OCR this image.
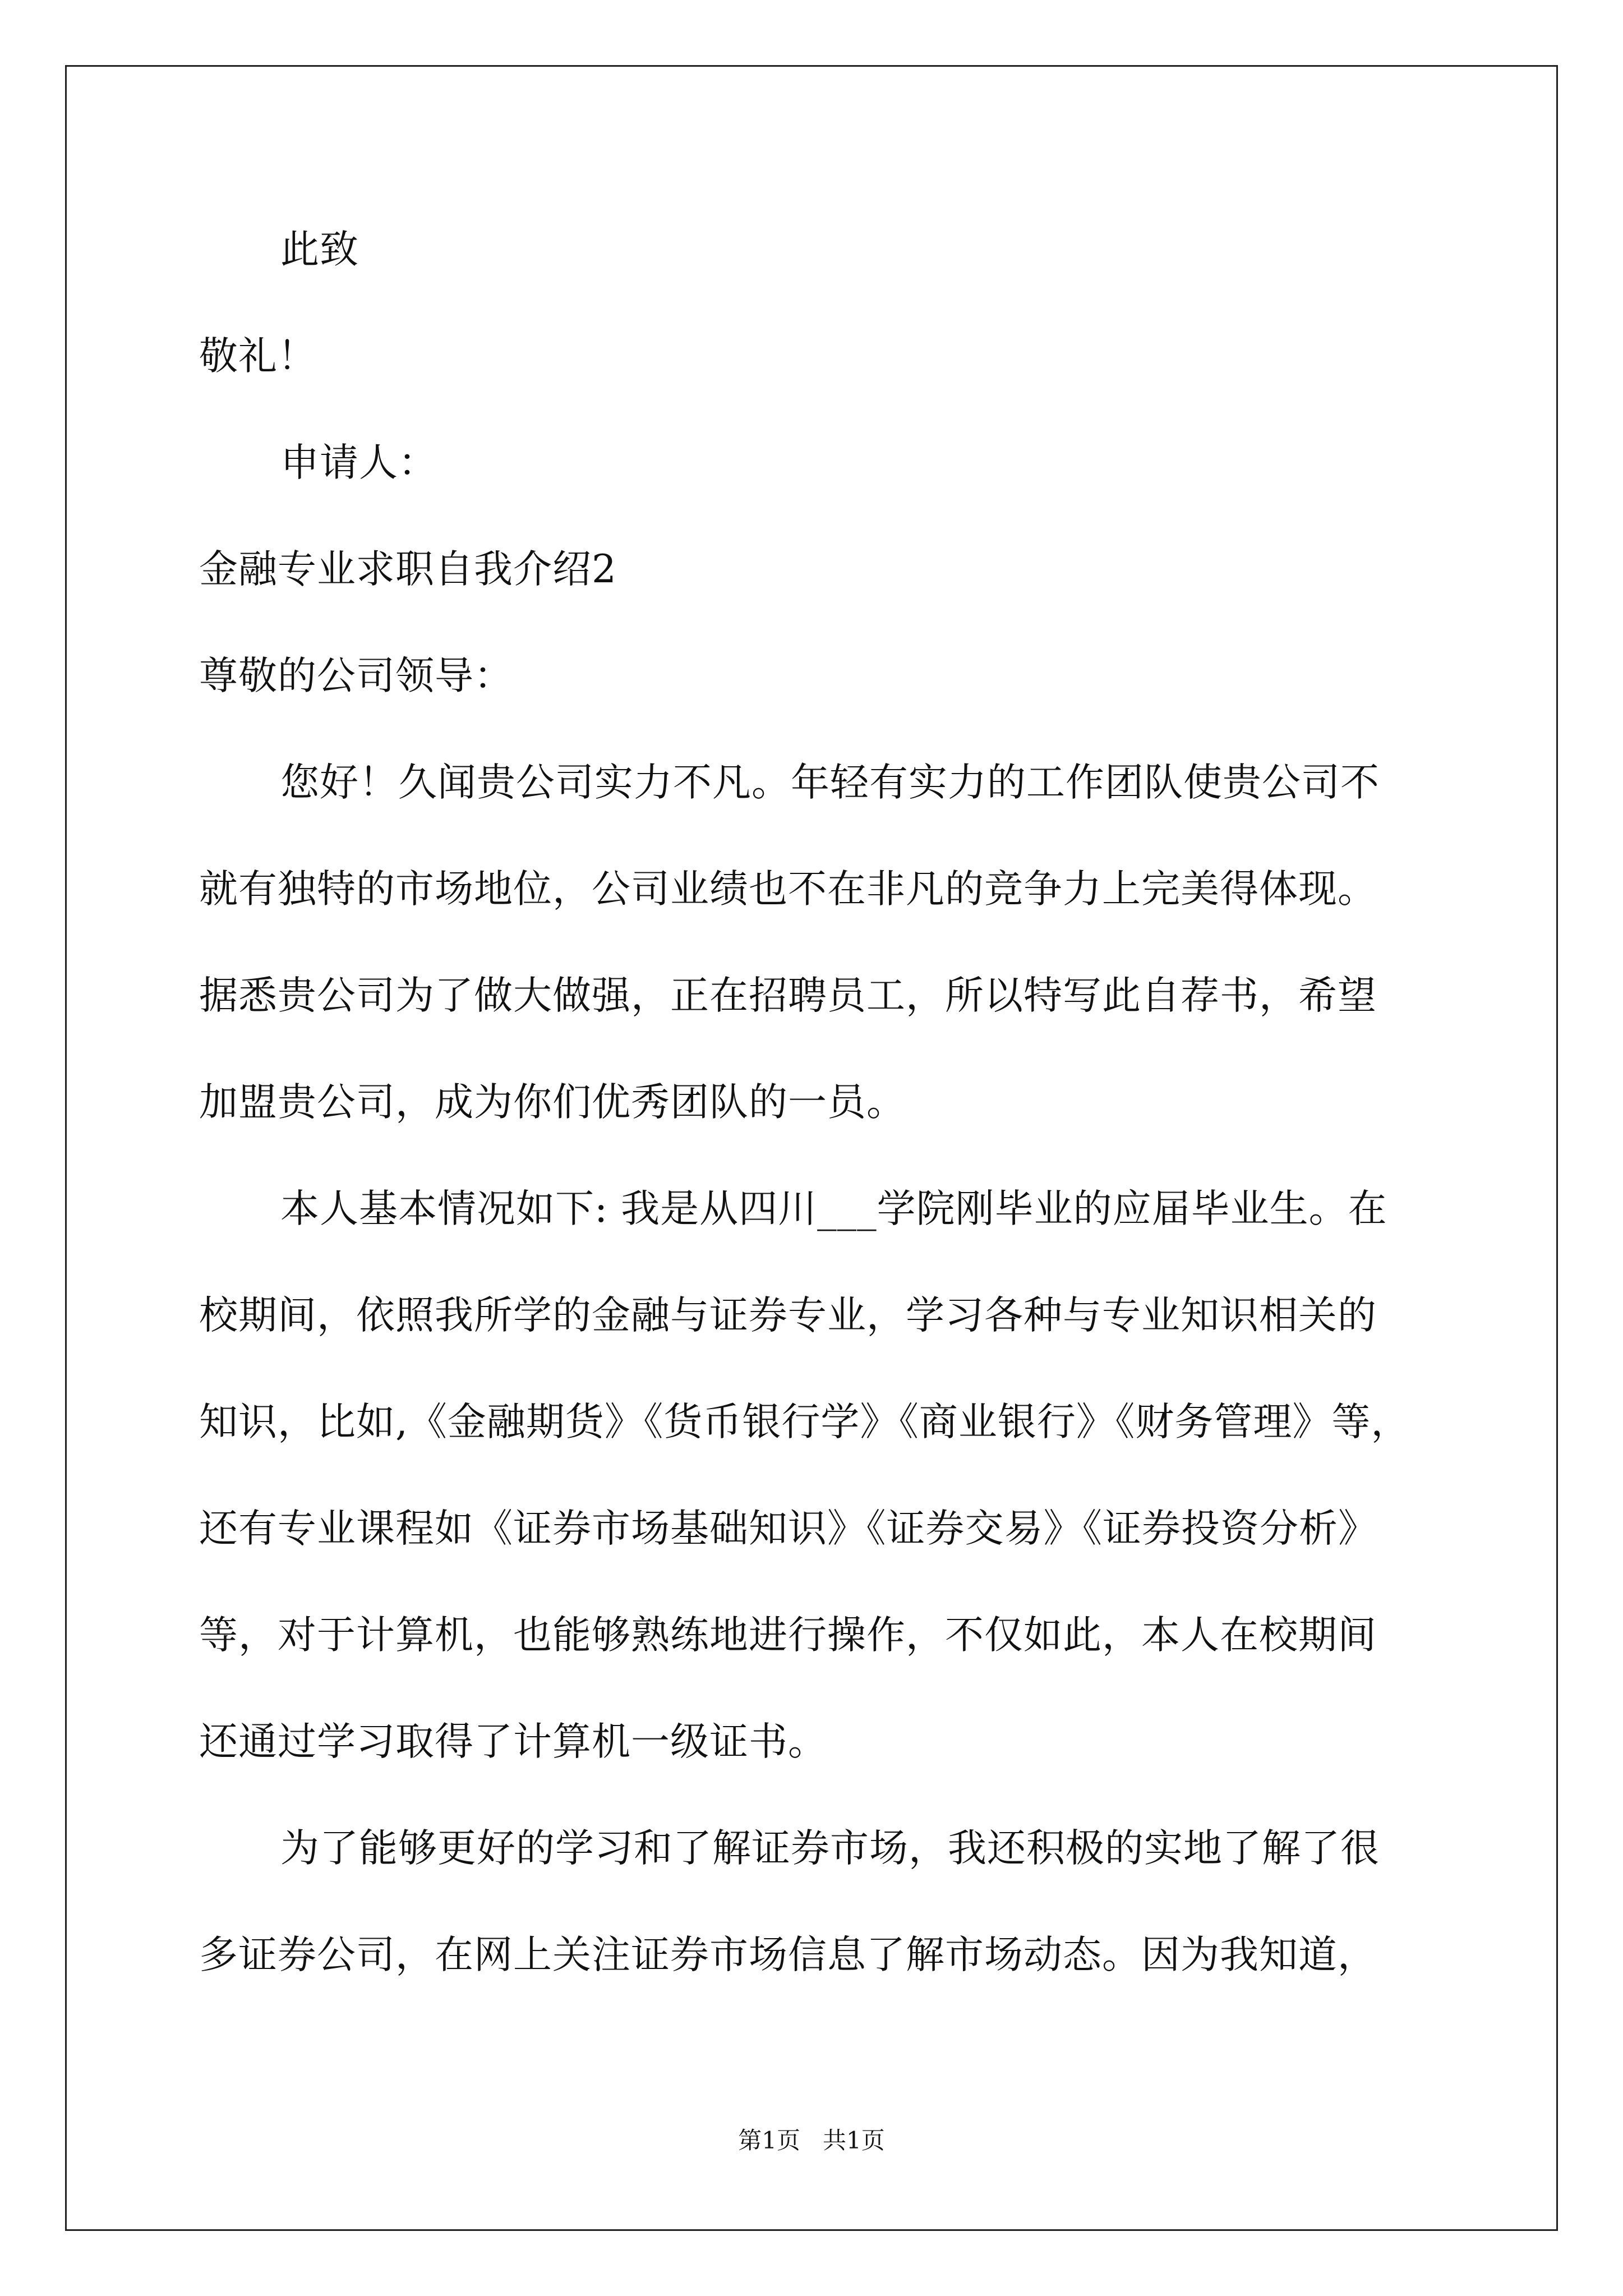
此致
敬礼！
申请人：
金融专业求职自我介绍2
尊敬的公司领导：
您好！久闻贵公司实力不凡。年轻有实力的工作团队使贵公司不
就有独特的市场地位，公司业绩也不在非凡的竞争力上完美得体现。
据悉贵公司为了做大做强，正在招聘员工，所以特写此自荐书，希望
加盟贵公司，成为你们优秀团队的一员。
本人基本情况如下: 我是从四川___学院刚毕业的应届毕业生。在
校期间，依照我所学的金融与证券专业，学习各种与专业知识相关的
知识，比如,《金融期货》《货币银行学》《商业银行》《财务管理》等，
还有专业课程如《证券市场基础知识》《证券交易》《证券投资分析》
等，对于计算机，也能够熟练地进行操作，不仅如此，本人在校期间
还通过学习取得了计算机一级证书。
为了能够更好的学习和了解证券市场，我还积极的实地了解了很
多证券公司，在网上关注证券市场信息了解市场动态。因为我知道，
第1页   共1页
